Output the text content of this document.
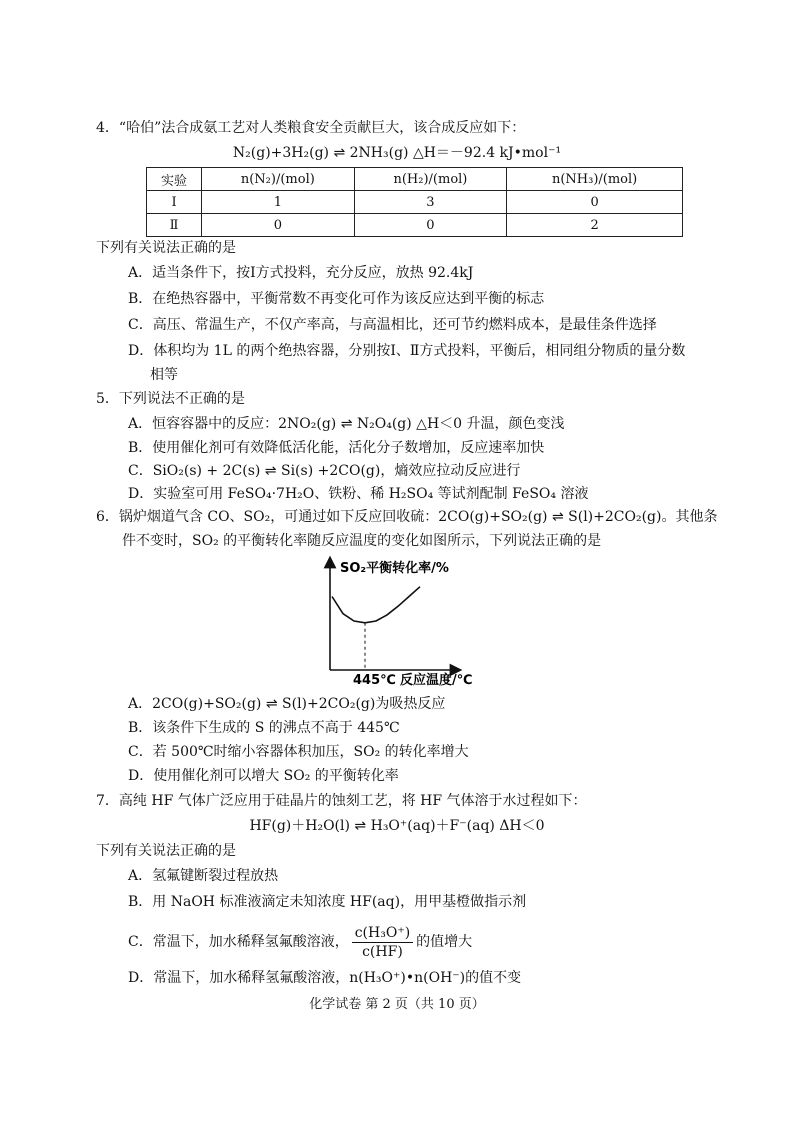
4．“哈伯”法合成氨工艺对人类粮食安全贡献巨大，该合成反应如下：
N₂(g)+3H₂(g) ⇌ 2NH₃(g) △H＝－92.4 kJ•mol⁻¹
实验	n(N₂)/(mol)	n(H₂)/(mol)	n(NH₃)/(mol)
Ⅰ	1	3	0
Ⅱ	0	0	2
下列有关说法正确的是
A．适当条件下，按Ⅰ方式投料，充分反应，放热 92.4kJ
B．在绝热容器中，平衡常数不再变化可作为该反应达到平衡的标志
C．高压、常温生产，不仅产率高，与高温相比，还可节约燃料成本，是最佳条件选择
D．体积均为 1L 的两个绝热容器，分别按Ⅰ、Ⅱ方式投料，平衡后，相同组分物质的量分数
相等
5．下列说法不正确的是
A．恒容容器中的反应：2NO₂(g) ⇌ N₂O₄(g) △H＜0 升温，颜色变浅
B．使用催化剂可有效降低活化能，活化分子数增加，反应速率加快
C．SiO₂(s) + 2C(s) ⇌ Si(s) +2CO(g)，熵效应拉动反应进行
D．实验室可用 FeSO₄·7H₂O、铁粉、稀 H₂SO₄ 等试剂配制 FeSO₄ 溶液
6．锅炉烟道气含 CO、SO₂，可通过如下反应回收硫：2CO(g)+SO₂(g) ⇌ S(l)+2CO₂(g)。其他条
件不变时，SO₂ 的平衡转化率随反应温度的变化如图所示，下列说法正确的是
SO₂平衡转化率/%
445℃ 反应温度/℃
A．2CO(g)+SO₂(g) ⇌ S(l)+2CO₂(g)为吸热反应
B．该条件下生成的 S 的沸点不高于 445℃
C．若 500℃时缩小容器体积加压，SO₂ 的转化率增大
D．使用催化剂可以增大 SO₂ 的平衡转化率
7．高纯 HF 气体广泛应用于硅晶片的蚀刻工艺，将 HF 气体溶于水过程如下：
HF(g)＋H₂O(l) ⇌ H₃O⁺(aq)＋F⁻(aq) ΔH＜0
下列有关说法正确的是
A．氢氟键断裂过程放热
B．用 NaOH 标准液滴定未知浓度 HF(aq)，用甲基橙做指示剂
C．常温下，加水稀释氢氟酸溶液， $\frac{\text{c(H₃O⁺)}}{c(HF)}$ 的值增大
D．常温下，加水稀释氢氟酸溶液，n(H₃O⁺)•n(OH⁻)的值不变
化学试卷 第 2 页（共 10 页）
